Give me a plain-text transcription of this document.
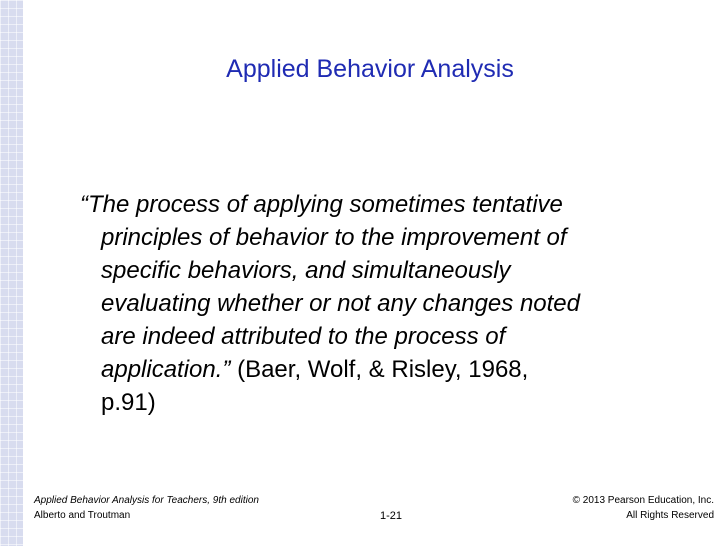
Applied Behavior Analysis
“The process of applying sometimes tentative
principles of behavior to the improvement of
specific behaviors, and simultaneously
evaluating whether or not any changes noted
are indeed attributed to the process of
application.” (Baer, Wolf, & Risley, 1968,
p.91)
Applied Behavior Analysis for Teachers, 9th edition
Alberto and Troutman	1-21
© 2013 Pearson Education, Inc.
All Rights Reserved
